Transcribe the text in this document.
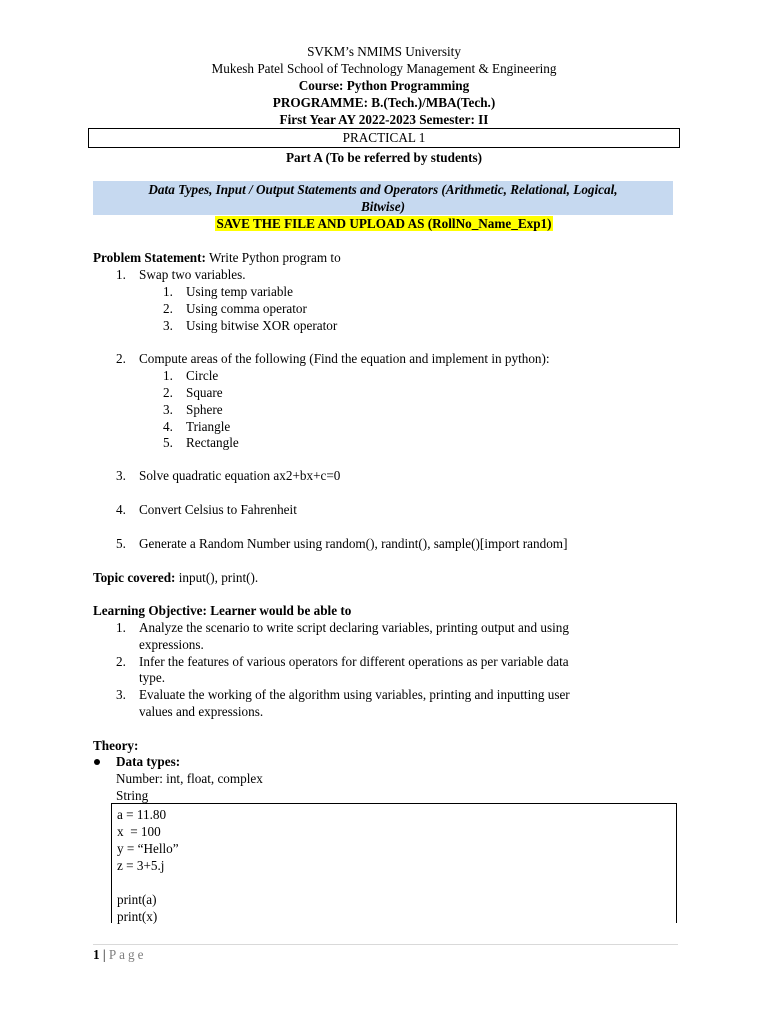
SVKM’s NMIMS University
Mukesh Patel School of Technology Management & Engineering
Course: Python Programming
PROGRAMME: B.(Tech.)/MBA(Tech.)
First Year AY 2022-2023 Semester: II
PRACTICAL 1
Part A (To be referred by students)
Data Types, Input / Output Statements and Operators (Arithmetic, Relational, Logical,
Bitwise)
SAVE THE FILE AND UPLOAD AS (RollNo_Name_Exp1)
Problem Statement: Write Python program to
1. Swap two variables.
1. Using temp variable
2. Using comma operator
3. Using bitwise XOR operator
2. Compute areas of the following (Find the equation and implement in python):
1. Circle
2. Square
3. Sphere
4. Triangle
5. Rectangle
3. Solve quadratic equation ax2+bx+c=0
4. Convert Celsius to Fahrenheit
5. Generate a Random Number using random(), randint(), sample()[import random]
Topic covered: input(), print().
Learning Objective: Learner would be able to
1. Analyze the scenario to write script declaring variables, printing output and using
expressions.
2. Infer the features of various operators for different operations as per variable data
type.
3. Evaluate the working of the algorithm using variables, printing and inputting user
values and expressions.
Theory:
Data types:
Number: int, float, complex
String
a = 11.80
x  = 100
y = “Hello”
z = 3+5.j
print(a)
print(x)
1 | Page
